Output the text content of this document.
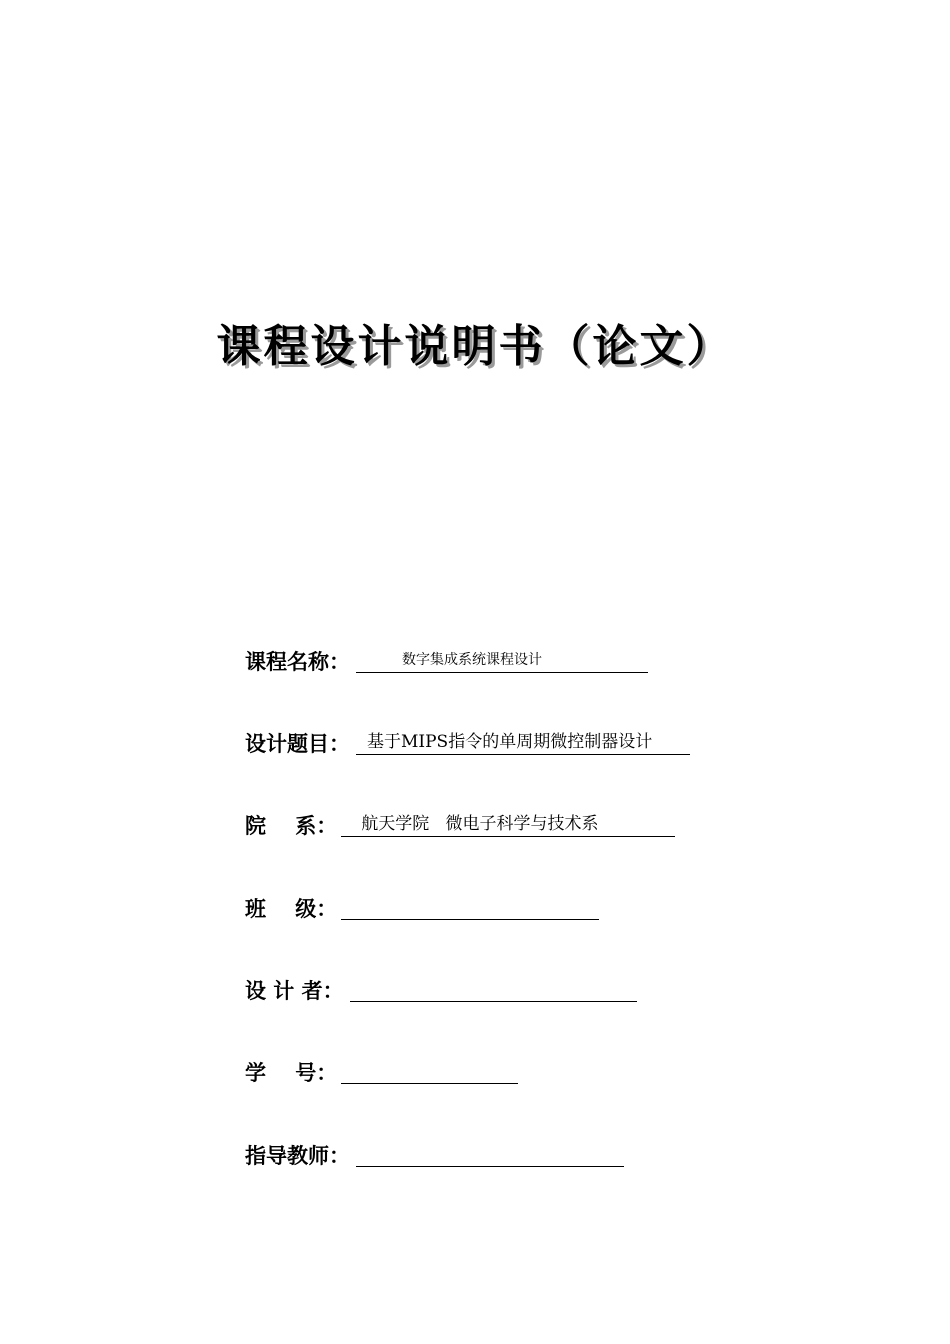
课程设计说明书（论文）
课程名称：	数字集成系统课程设计
设计题目：	基于MIPS指令的单周期微控制器设计
院    系：	航天学院   微电子科学与技术系
班    级：
设 计 者：
学    号：
指导教师：
